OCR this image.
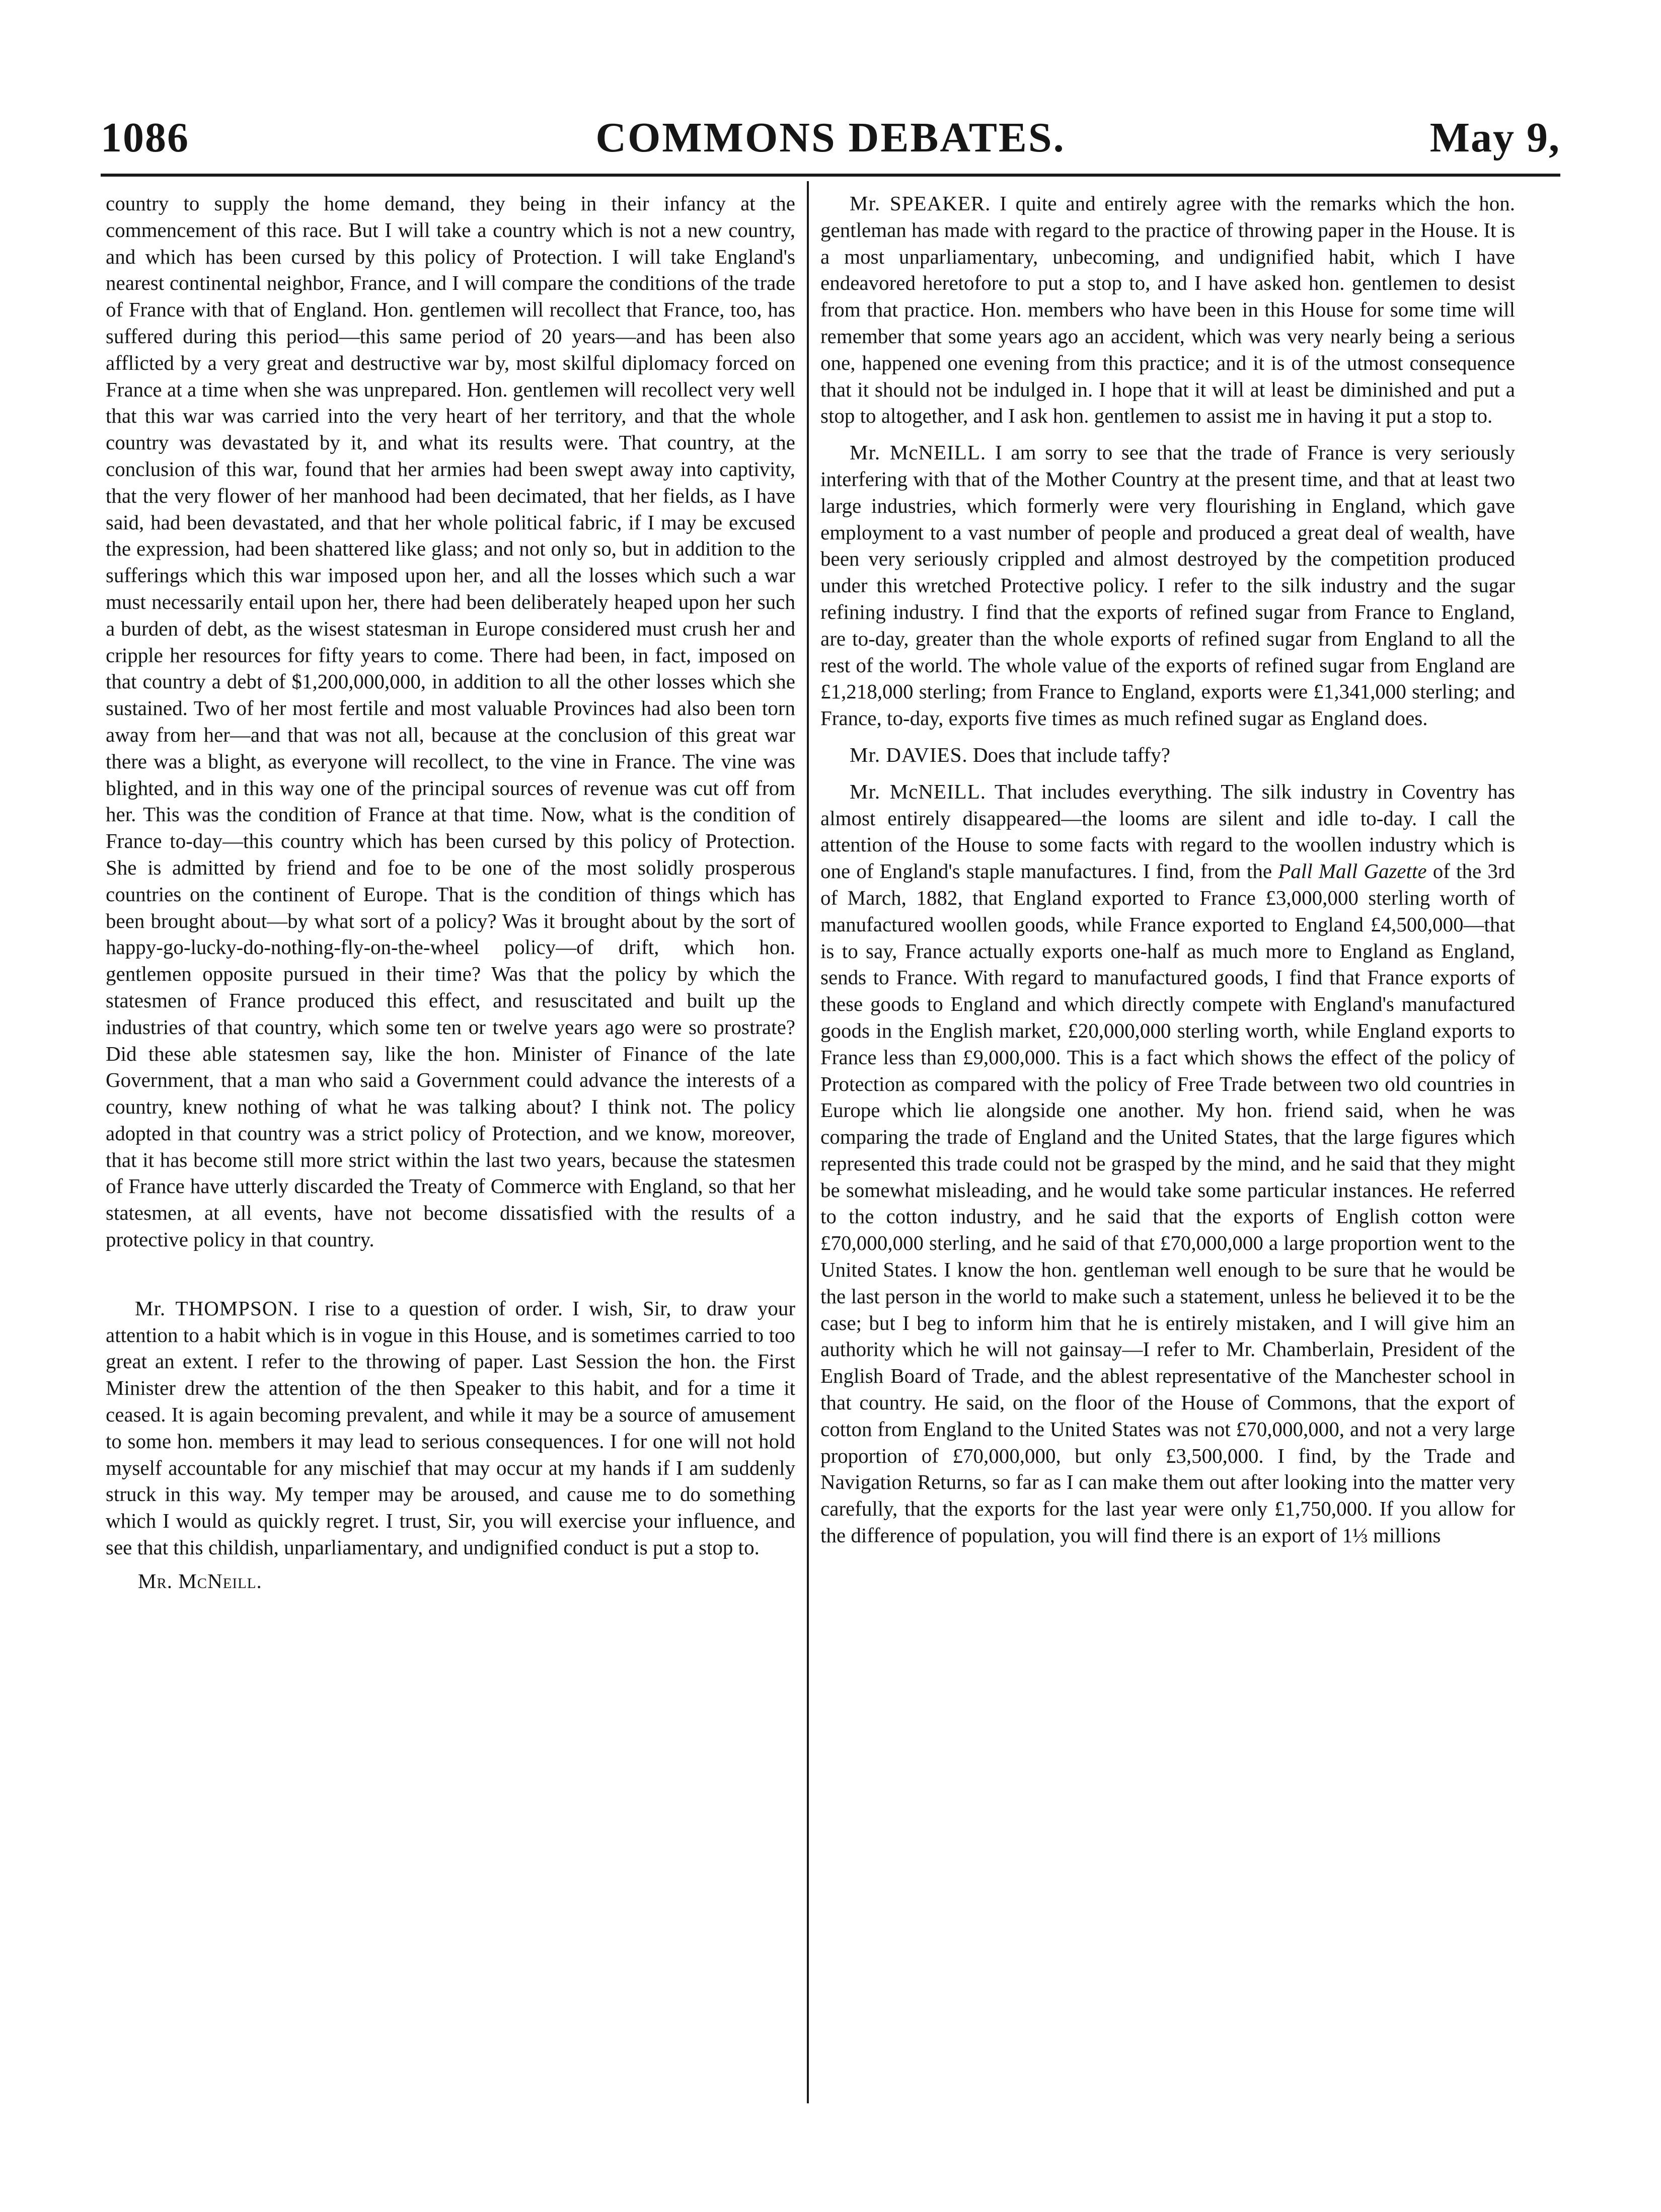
COMMONS DEBATES.
1086	May 9,

country to supply the home demand, they being in their infancy at the commencement of this race. But I will take a country which is not a new country, and which has been cursed by this policy of Protection. I will take England's nearest continental neighbor, France, and I will compare the conditions of the trade of France with that of England. Hon. gentlemen will recollect that France, too, has suffered during this period—this same period of 20 years—and has been also afflicted by a very great and destructive war by, most skilful diplomacy forced on France at a time when she was unprepared. Hon. gentlemen will recollect very well that this war was carried into the very heart of her territory, and that the whole country was devastated by it, and what its results were. That country, at the conclusion of this war, found that her armies had been swept away into captivity, that the very flower of her manhood had been decimated, that her fields, as I have said, had been devastated, and that her whole political fabric, if I may be excused the expression, had been shattered like glass; and not only so, but in addition to the sufferings which this war imposed upon her, and all the losses which such a war must necessarily entail upon her, there had been deliberately heaped upon her such a burden of debt, as the wisest statesman in Europe considered must crush her and cripple her resources for fifty years to come. There had been, in fact, imposed on that country a debt of $1,200,000,000, in addition to all the other losses which she sustained. Two of her most fertile and most valuable Provinces had also been torn away from her—and that was not all, because at the conclusion of this great war there was a blight, as everyone will recollect, to the vine in France. The vine was blighted, and in this way one of the principal sources of revenue was cut off from her. This was the condition of France at that time. Now, what is the condition of France to-day—this country which has been cursed by this policy of Protection. She is admitted by friend and foe to be one of the most solidly prosperous countries on the continent of Europe. That is the condition of things which has been brought about—by what sort of a policy? Was it brought about by the sort of happy-go-lucky-do-nothing-fly-on-the-wheel policy—of drift, which hon. gentlemen opposite pursued in their time? Was that the policy by which the statesmen of France produced this effect, and resuscitated and built up the industries of that country, which some ten or twelve years ago were so prostrate? Did these able statesmen say, like the hon. Minister of Finance of the late Government, that a man who said a Government could advance the interests of a country, knew nothing of what he was talking about? I think not. The policy adopted in that country was a strict policy of Protection, and we know, moreover, that it has become still more strict within the last two years, because the statesmen of France have utterly discarded the Treaty of Commerce with England, so that her statesmen, at all events, have not become dissatisfied with the results of a protective policy in that country.

Mr. THOMPSON. I rise to a question of order. I wish, Sir, to draw your attention to a habit which is in vogue in this House, and is sometimes carried to too great an extent. I refer to the throwing of paper. Last Session the hon. the First Minister drew the attention of the then Speaker to this habit, and for a time it ceased. It is again becoming prevalent, and while it may be a source of amusement to some hon. members it may lead to serious consequences. I for one will not hold myself accountable for any mischief that may occur at my hands if I am suddenly struck in this way. My temper may be aroused, and cause me to do something which I would as quickly regret. I trust, Sir, you will exercise your influence, and see that this childish, unparliamentary, and undignified conduct is put a stop to.

Mr. McNeill.

Mr. SPEAKER. I quite and entirely agree with the remarks which the hon. gentleman has made with regard to the practice of throwing paper in the House. It is a most unparliamentary, unbecoming, and undignified habit, which I have endeavored heretofore to put a stop to, and I have asked hon. gentlemen to desist from that practice. Hon. members who have been in this House for some time will remember that some years ago an accident, which was very nearly being a serious one, happened one evening from this practice; and it is of the utmost consequence that it should not be indulged in. I hope that it will at least be diminished and put a stop to altogether, and I ask hon. gentlemen to assist me in having it put a stop to.

Mr. McNEILL. I am sorry to see that the trade of France is very seriously interfering with that of the Mother Country at the present time, and that at least two large industries, which formerly were very flourishing in England, which gave employment to a vast number of people and produced a great deal of wealth, have been very seriously crippled and almost destroyed by the competition produced under this wretched Protective policy. I refer to the silk industry and the sugar refining industry. I find that the exports of refined sugar from France to England, are to-day, greater than the whole exports of refined sugar from England to all the rest of the world. The whole value of the exports of refined sugar from England are £1,218,000 sterling; from France to England, exports were £1,341,000 sterling; and France, to-day, exports five times as much refined sugar as England does.

Mr. DAVIES. Does that include taffy?

Mr. McNEILL. That includes everything. The silk industry in Coventry has almost entirely disappeared—the looms are silent and idle to-day. I call the attention of the House to some facts with regard to the woollen industry which is one of England's staple manufactures. I find, from the Pall Mall Gazette of the 3rd of March, 1882, that England exported to France £3,000,000 sterling worth of manufactured woollen goods, while France exported to England £4,500,000—that is to say, France actually exports one-half as much more to England as England, sends to France. With regard to manufactured goods, I find that France exports of these goods to England and which directly compete with England's manufactured goods in the English market, £20,000,000 sterling worth, while England exports to France less than £9,000,000. This is a fact which shows the effect of the policy of Protection as compared with the policy of Free Trade between two old countries in Europe which lie alongside one another. My hon. friend said, when he was comparing the trade of England and the United States, that the large figures which represented this trade could not be grasped by the mind, and he said that they might be somewhat misleading, and he would take some particular instances. He referred to the cotton industry, and he said that the exports of English cotton were £70,000,000 sterling, and he said of that £70,000,000 a large proportion went to the United States. I know the hon. gentleman well enough to be sure that he would be the last person in the world to make such a statement, unless he believed it to be the case; but I beg to inform him that he is entirely mistaken, and I will give him an authority which he will not gainsay—I refer to Mr. Chamberlain, President of the English Board of Trade, and the ablest representative of the Manchester school in that country. He said, on the floor of the House of Commons, that the export of cotton from England to the United States was not £70,000,000, and not a very large proportion of £70,000,000, but only £3,500,000. I find, by the Trade and Navigation Returns, so far as I can make them out after looking into the matter very carefully, that the exports for the last year were only £1,750,000. If you allow for the difference of population, you will find there is an export of 1⅓ millions
